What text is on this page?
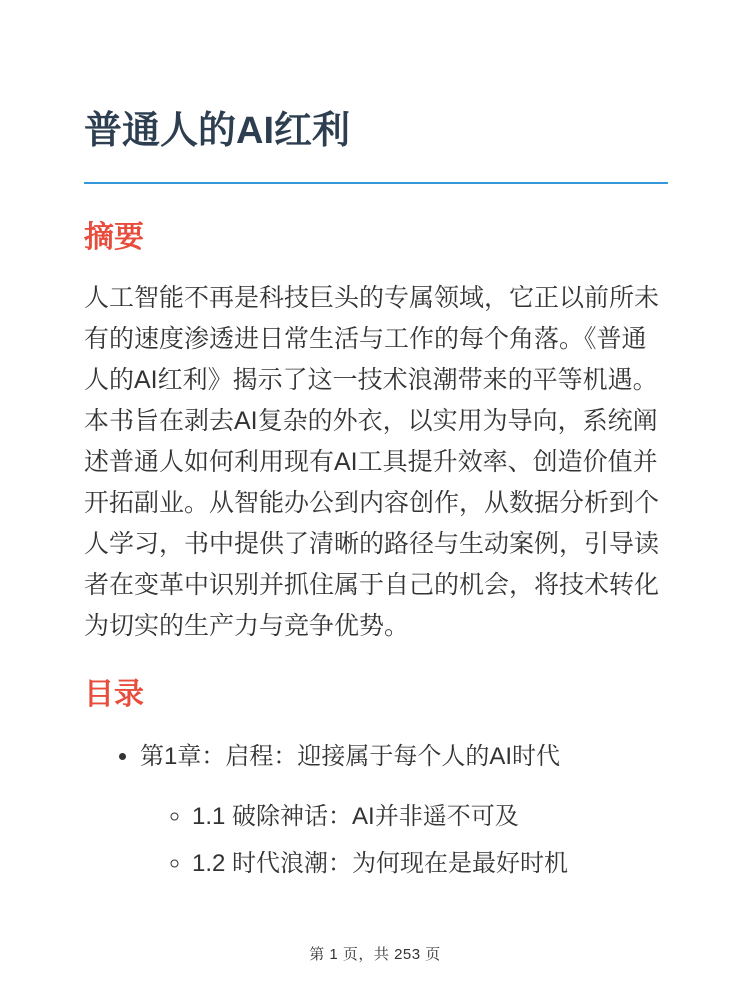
普通人的AI红利
摘要

人工智能不再是科技巨头的专属领域，它正以前所未有的速度渗透进日常生活与工作的每个角落。《普通人的AI红利》揭示了这一技术浪潮带来的平等机遇。本书旨在剥去AI复杂的外衣，以实用为导向，系统阐述普通人如何利用现有AI工具提升效率、创造价值并开拓副业。从智能办公到内容创作，从数据分析到个人学习，书中提供了清晰的路径与生动案例，引导读者在变革中识别并抓住属于自己的机会，将技术转化为切实的生产力与竞争优势。

目录
• 第1章：启程：迎接属于每个人的AI时代
◦ 1.1 破除神话：AI并非遥不可及
◦ 1.2 时代浪潮：为何现在是最好时机
第 1 页，共 253 页
